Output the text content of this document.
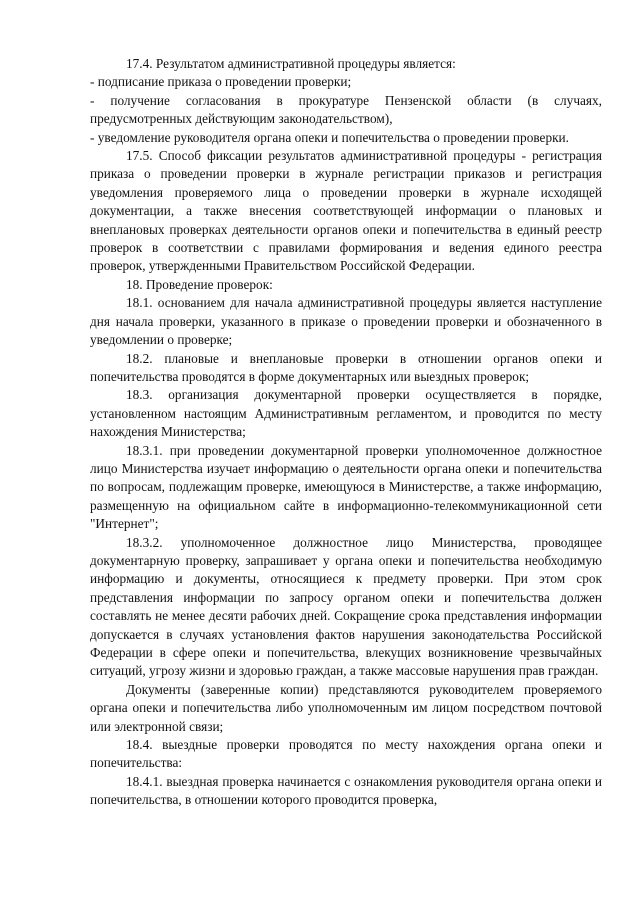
17.4. Результатом административной процедуры является:

- подписание приказа о проведении проверки;

- получение согласования в прокуратуре Пензенской области (в случаях, предусмотренных действующим законодательством),

- уведомление руководителя органа опеки и попечительства о проведении проверки.

17.5. Способ фиксации результатов административной процедуры - регистрация приказа о проведении проверки в журнале регистрации приказов и регистрация уведомления проверяемого лица о проведении проверки в журнале исходящей документации, а также внесения соответствующей информации о плановых и внеплановых проверках деятельности органов опеки и попечительства в единый реестр проверок в соответствии с правилами формирования и ведения единого реестра проверок, утвержденными Правительством Российской Федерации.

18. Проведение проверок:

18.1. основанием для начала административной процедуры является наступление дня начала проверки, указанного в приказе о проведении проверки и обозначенного в уведомлении о проверке;

18.2. плановые и внеплановые проверки в отношении органов опеки и попечительства проводятся в форме документарных или выездных проверок;

18.3. организация документарной проверки осуществляется в порядке, установленном настоящим Административным регламентом, и проводится по месту нахождения Министерства;

18.3.1. при проведении документарной проверки уполномоченное должностное лицо Министерства изучает информацию о деятельности органа опеки и попечительства по вопросам, подлежащим проверке, имеющуюся в Министерстве, а также информацию, размещенную на официальном сайте в информационно-телекоммуникационной сети "Интернет";

18.3.2. уполномоченное должностное лицо Министерства, проводящее документарную проверку, запрашивает у органа опеки и попечительства необходимую информацию и документы, относящиеся к предмету проверки. При этом срок представления информации по запросу органом опеки и попечительства должен составлять не менее десяти рабочих дней. Сокращение срока представления информации допускается в случаях установления фактов нарушения законодательства Российской Федерации в сфере опеки и попечительства, влекущих возникновение чрезвычайных ситуаций, угрозу жизни и здоровью граждан, а также массовые нарушения прав граждан.

Документы (заверенные копии) представляются руководителем проверяемого органа опеки и попечительства либо уполномоченным им лицом посредством почтовой или электронной связи;

18.4. выездные проверки проводятся по месту нахождения органа опеки и попечительства:

18.4.1. выездная проверка начинается с ознакомления руководителя органа опеки и попечительства, в отношении которого проводится проверка,
